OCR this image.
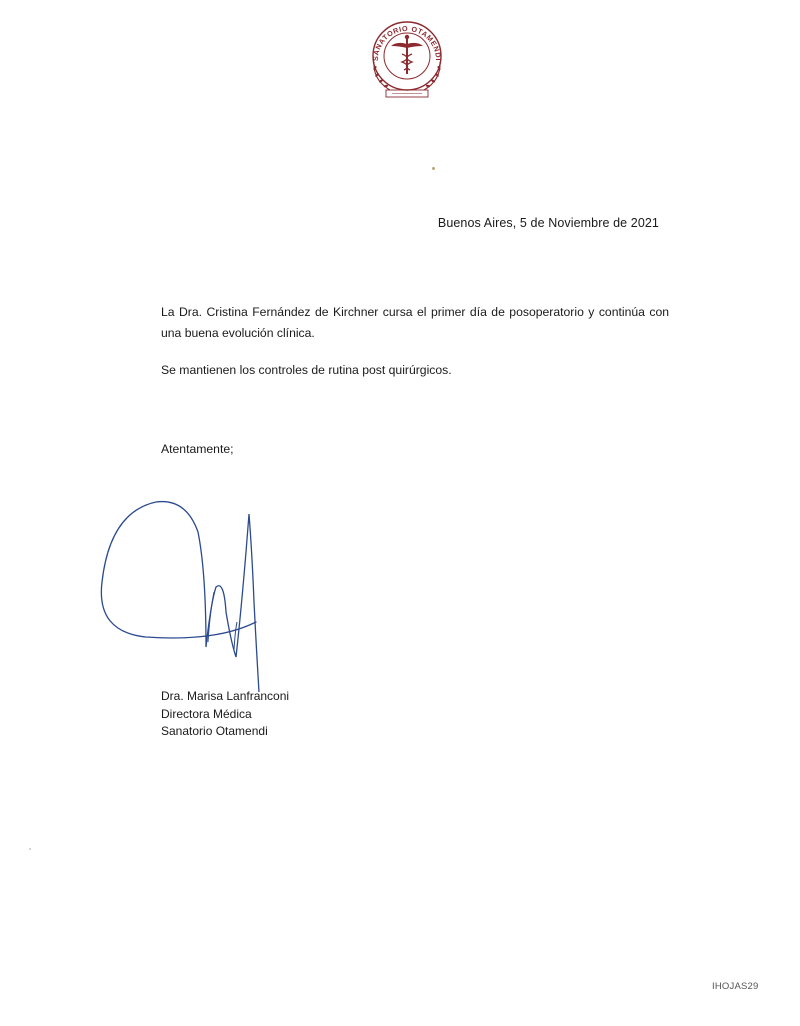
SANATORIO OTAMENDI
Buenos Aires, 5 de Noviembre de 2021
La Dra. Cristina Fernández de Kirchner cursa el primer día de posoperatorio y continúa con una buena evolución clínica.
Se mantienen los controles de rutina post quirúrgicos.
Atentamente;
Dra. Marisa Lanfranconi
Directora Médica
Sanatorio Otamendi
IHOJAS29
